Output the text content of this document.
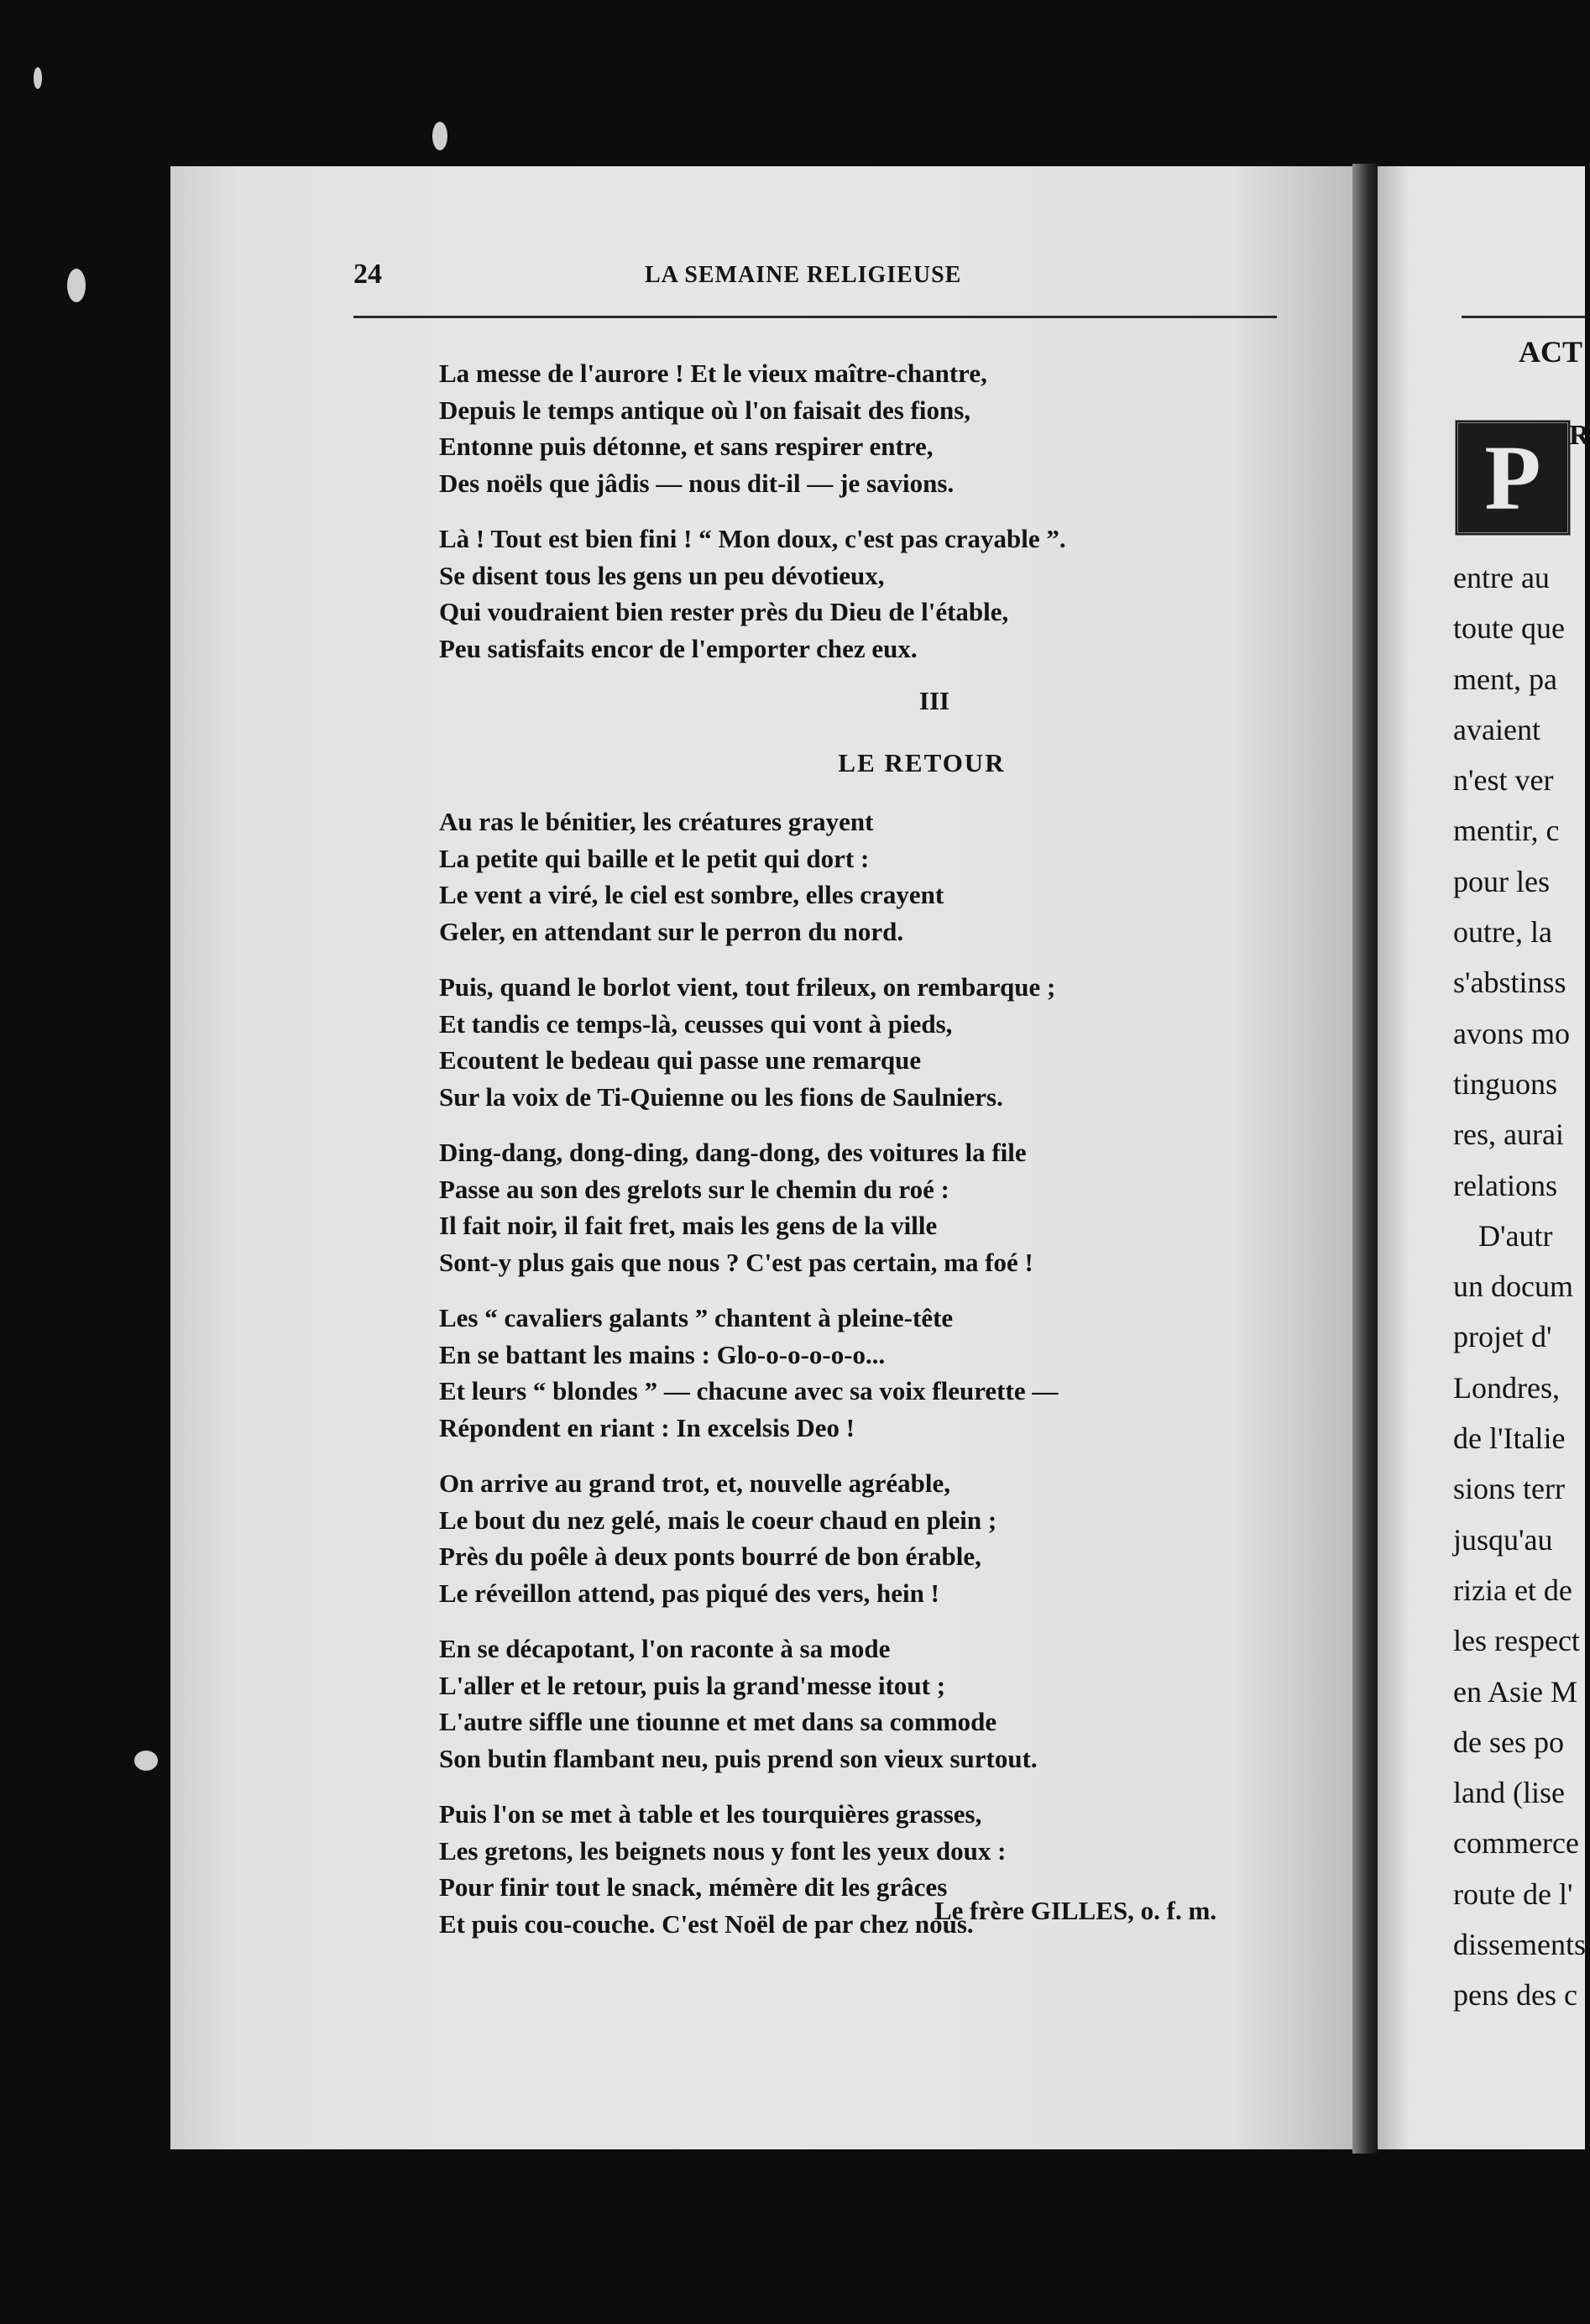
24	LA SEMAINE RELIGIEUSE
La messe de l'aurore ! Et le vieux maître-chantre,
Depuis le temps antique où l'on faisait des fions,
Entonne puis détonne, et sans respirer entre,
Des noëls que jâdis — nous dit-il — je savions.
Là ! Tout est bien fini ! “ Mon doux, c'est pas crayable ”.
Se disent tous les gens un peu dévotieux,
Qui voudraient bien rester près du Dieu de l'étable,
Peu satisfaits encor de l'emporter chez eux.
III
LE RETOUR
Au ras le bénitier, les créatures grayent
La petite qui baille et le petit qui dort :
Le vent a viré, le ciel est sombre, elles crayent
Geler, en attendant sur le perron du nord.
Puis, quand le borlot vient, tout frileux, on rembarque ;
Et tandis ce temps-là, ceusses qui vont à pieds,
Ecoutent le bedeau qui passe une remarque
Sur la voix de Ti-Quienne ou les fions de Saulniers.
Ding-dang, dong-ding, dang-dong, des voitures la file
Passe au son des grelots sur le chemin du roé :
Il fait noir, il fait fret, mais les gens de la ville
Sont-y plus gais que nous ? C'est pas certain, ma foé !
Les “ cavaliers galants ” chantent à pleine-tête
En se battant les mains : Glo-o-o-o-o-o...
Et leurs “ blondes ” — chacune avec sa voix fleurette —
Répondent en riant : In excelsis Deo !
On arrive au grand trot, et, nouvelle agréable,
Le bout du nez gelé, mais le coeur chaud en plein ;
Près du poêle à deux ponts bourré de bon érable,
Le réveillon attend, pas piqué des vers, hein !
En se décapotant, l'on raconte à sa mode
L'aller et le retour, puis la grand'messe itout ;
L'autre siffle une tiounne et met dans sa commode
Son butin flambant neu, puis prend son vieux surtout.
Puis l'on se met à table et les tourquières grasses,
Les gretons, les beignets nous y font les yeux doux :
Pour finir tout le snack, mémère dit les grâces
Et puis cou-couche. C'est Noël de par chez nous.
Le frère GILLES, o. f. m.
ACT
P R
entre au
toute que
ment, pa
avaient
n'est ver
mentir, c
pour les
outre, la
s'abstinss
avons mo
tinguons
res, aurai
relations
D'autr
un docum
projet d'
Londres,
de l'Italie
sions terr
jusqu'au
rizia et de
les respect
en Asie M
de ses po
land (lise
commerce
route de l'
dissements
pens des c
